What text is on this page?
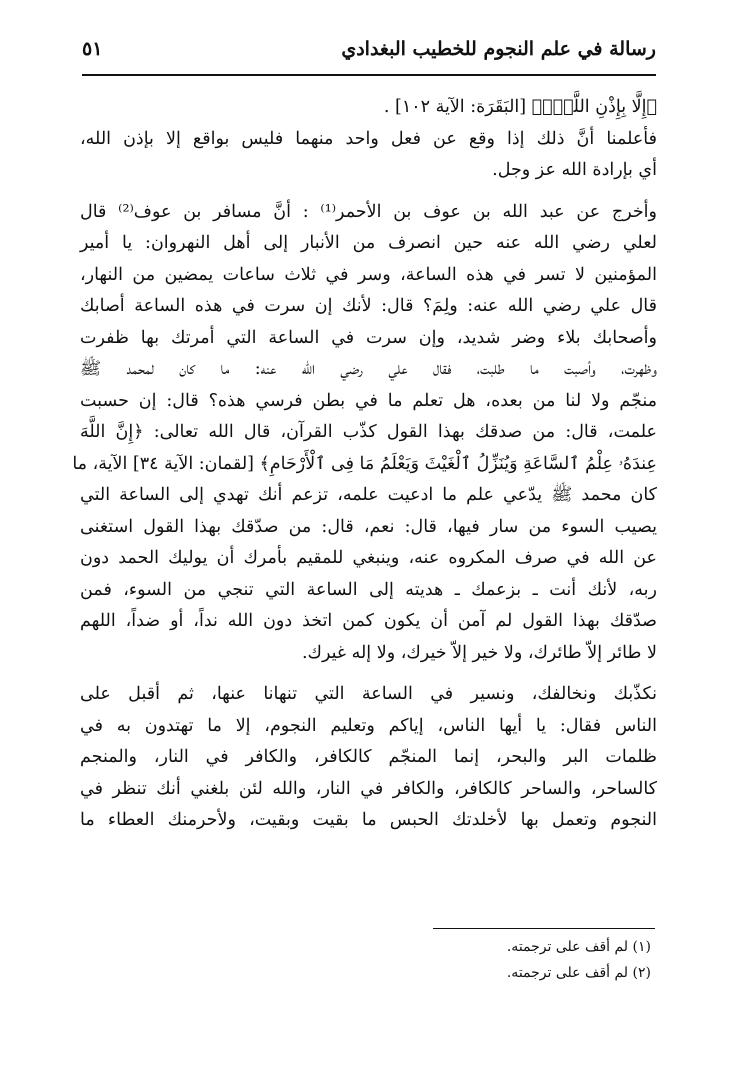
رسالة في علم النجوم للخطيب البغدادي
٥١
﴿إِلَّا بِإِذْنِ اللَّهِۚ﴾ [البَقَرَة: الآية ١٠٢] .
فأعلمنا أنَّ ذلك إذا وقع عن فعل واحد منهما فليس بواقع إلا بإذن الله،
أي بإرادة الله عز وجل.
وأخرج عن عبد الله بن عوف بن الأحمر⁽¹⁾ : أنَّ مسافر بن عوف⁽²⁾ قال
لعلي رضي الله عنه حين انصرف من الأنبار إلى أهل النهروان: يا أمير
المؤمنين لا تسر في هذه الساعة، وسر في ثلاث ساعات يمضين من النهار،
قال علي رضي الله عنه: ولِمَ؟ قال: لأنك إن سرت في هذه الساعة أصابك
وأصحابك بلاء وضر شديد، وإن سرت في الساعة التي أمرتك بها ظفرت
وظهرت، وأصبت ما طلبت، فقال علي رضي الله عنه: ما كان لمحمد ﷺ
منجّم ولا لنا من بعده، هل تعلم ما في بطن فرسي هذه؟ قال: إن حسبت
علمت، قال: من صدقك بهذا القول كذّب القرآن، قال الله تعالى: ﴿إِنَّ اللَّهَ
عِندَهُۥ عِلْمُ ٱلسَّاعَةِ وَيُنَزِّلُ ٱلْغَيْثَ وَيَعْلَمُ مَا فِى ٱلْأَرْحَامِ﴾ [لقمان: الآية ٣٤] الآية، ما
كان محمد ﷺ يدّعي علم ما ادعيت علمه، تزعم أنك تهدي إلى الساعة التي
يصيب السوء من سار فيها، قال: نعم، قال: من صدّقك بهذا القول استغنى
عن الله في صرف المكروه عنه، وينبغي للمقيم بأمرك أن يوليك الحمد دون
ربه، لأنك أنت ـ بزعمك ـ هديته إلى الساعة التي تنجي من السوء، فمن
صدّقك بهذا القول لم آمن أن يكون كمن اتخذ دون الله نداً، أو ضداً، اللهم
لا طائر إلاّ طائرك، ولا خير إلاّ خيرك، ولا إله غيرك.
نكذّبك ونخالفك، ونسير في الساعة التي تنهانا عنها، ثم أقبل على
الناس فقال: يا أيها الناس، إياكم وتعليم النجوم، إلا ما تهتدون به في
ظلمات البر والبحر، إنما المنجّم كالكافر، والكافر في النار، والمنجم
كالساحر، والساحر كالكافر، والكافر في النار، والله لئن بلغني أنك تنظر في
النجوم وتعمل بها لأخلدتك الحبس ما بقيت وبقيت، ولأحرمنك العطاء ما
(١) لم أقف على ترجمته.
(٢) لم أقف على ترجمته.
